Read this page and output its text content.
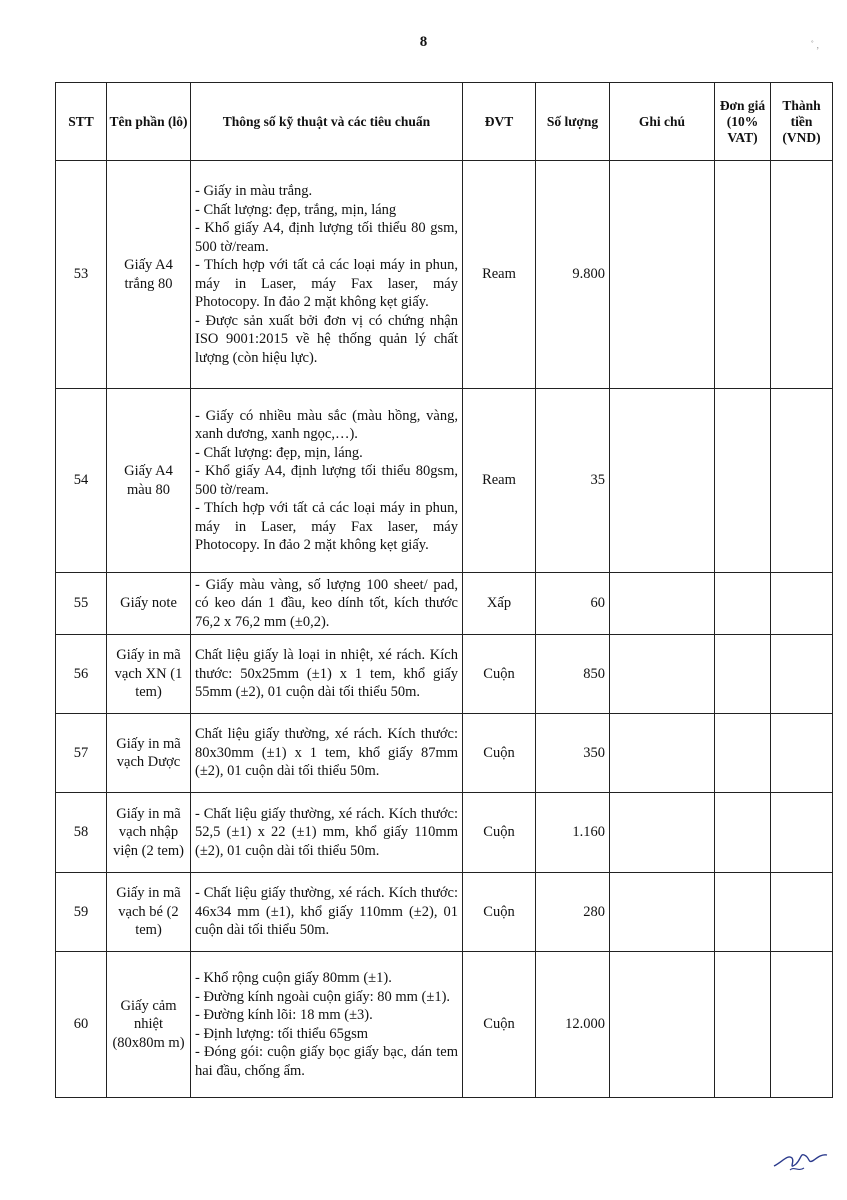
8	˚ ,
STT	Tên phần (lô)	Thông số kỹ thuật và các tiêu chuẩn	ĐVT	Số lượng	Ghi chú	Đơn giá (10% VAT)	Thành tiền (VND)
53	Giấy A4 trắng 80	- Giấy in màu trắng.
- Chất lượng: đẹp, trắng, mịn, láng
- Khổ giấy A4, định lượng tối thiểu 80 gsm, 500 tờ/ream.
- Thích hợp với tất cả các loại máy in phun, máy in Laser, máy Fax laser, máy Photocopy. In đảo 2 mặt không kẹt giấy.
- Được sản xuất bởi đơn vị có chứng nhận ISO 9001:2015 về hệ thống quản lý chất lượng (còn hiệu lực).	Ream	9.800			
54	Giấy A4 màu 80	- Giấy có nhiều màu sắc (màu hồng, vàng, xanh dương, xanh ngọc,…).
- Chất lượng: đẹp, mịn, láng.
- Khổ giấy A4, định lượng tối thiểu 80gsm, 500 tờ/ream.
- Thích hợp với tất cả các loại máy in phun, máy in Laser, máy Fax laser, máy Photocopy. In đảo 2 mặt không kẹt giấy.	Ream	35			
55	Giấy note	- Giấy màu vàng, số lượng 100 sheet/ pad, có keo dán 1 đầu, keo dính tốt, kích thước 76,2 x 76,2 mm (±0,2).	Xấp	60			
56	Giấy in mã vạch XN (1 tem)	Chất liệu giấy là loại in nhiệt, xé rách. Kích thước: 50x25mm (±1) x 1 tem, khổ giấy 55mm (±2), 01 cuộn dài tối thiểu 50m.	Cuộn	850			
57	Giấy in mã vạch Dược	Chất liệu giấy thường, xé rách. Kích thước: 80x30mm (±1) x 1 tem, khổ giấy 87mm (±2), 01 cuộn dài tối thiểu 50m.	Cuộn	350			
58	Giấy in mã vạch nhập viện (2 tem)	- Chất liệu giấy thường, xé rách. Kích thước: 52,5 (±1) x 22 (±1) mm, khổ giấy 110mm (±2), 01 cuộn dài tối thiểu 50m.	Cuộn	1.160			
59	Giấy in mã vạch bé (2 tem)	- Chất liệu giấy thường, xé rách. Kích thước: 46x34 mm (±1), khổ giấy 110mm (±2), 01 cuộn dài tối thiểu 50m.	Cuộn	280			
60	Giấy cảm nhiệt (80x80m m)	- Khổ rộng cuộn giấy 80mm (±1).
- Đường kính ngoài cuộn giấy: 80 mm (±1).
- Đường kính lõi: 18 mm (±3).
- Định lượng: tối thiểu 65gsm
- Đóng gói: cuộn giấy bọc giấy bạc, dán tem hai đầu, chống ẩm.	Cuộn	12.000			
